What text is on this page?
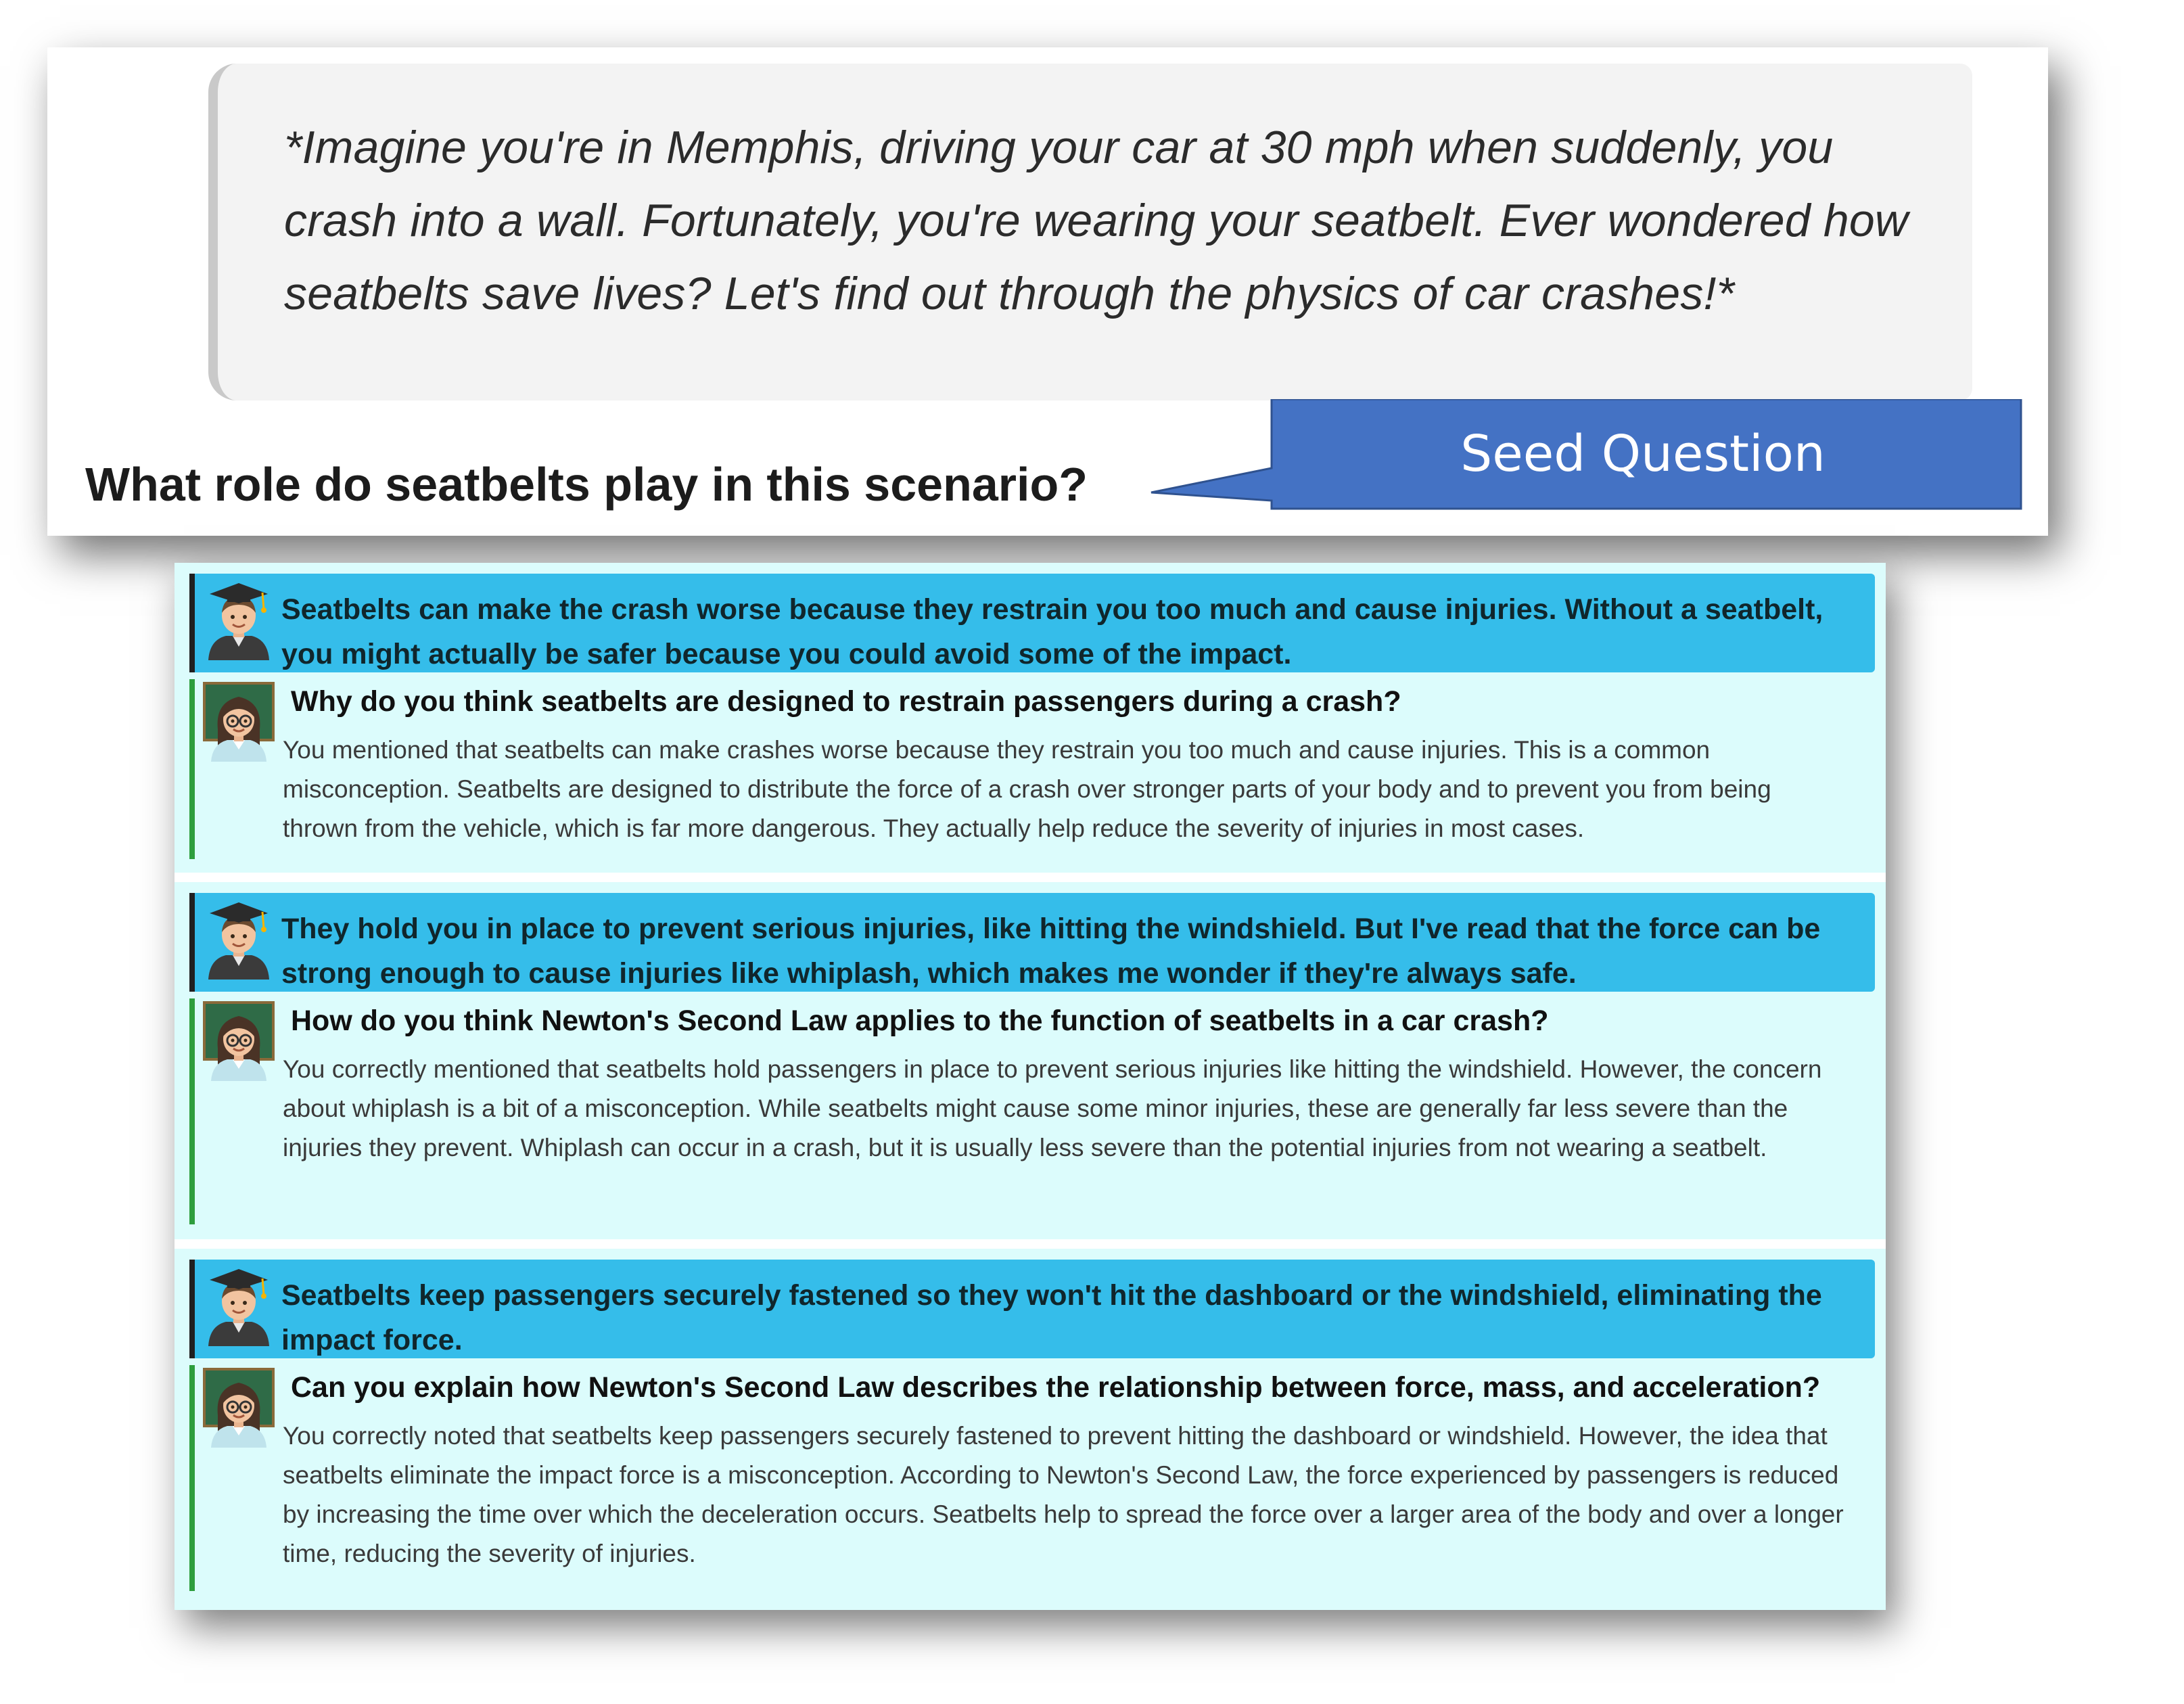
*Imagine you're in Memphis, driving your car at 30 mph when suddenly, you crash into a wall. Fortunately, you're wearing your seatbelt. Ever wondered how seatbelts save lives? Let's find out through the physics of car crashes!*

What role do seatbelts play in this scenario?

Seed Question

Seatbelts can make the crash worse because they restrain you too much and cause injuries. Without a seatbelt, you might actually be safer because you could avoid some of the impact.

Why do you think seatbelts are designed to restrain passengers during a crash?

You mentioned that seatbelts can make crashes worse because they restrain you too much and cause injuries. This is a common misconception. Seatbelts are designed to distribute the force of a crash over stronger parts of your body and to prevent you from being thrown from the vehicle, which is far more dangerous. They actually help reduce the severity of injuries in most cases.

They hold you in place to prevent serious injuries, like hitting the windshield. But I've read that the force can be strong enough to cause injuries like whiplash, which makes me wonder if they're always safe.

How do you think Newton's Second Law applies to the function of seatbelts in a car crash?

You correctly mentioned that seatbelts hold passengers in place to prevent serious injuries like hitting the windshield. However, the concern about whiplash is a bit of a misconception. While seatbelts might cause some minor injuries, these are generally far less severe than the injuries they prevent. Whiplash can occur in a crash, but it is usually less severe than the potential injuries from not wearing a seatbelt.

Seatbelts keep passengers securely fastened so they won't hit the dashboard or the windshield, eliminating the impact force.

Can you explain how Newton's Second Law describes the relationship between force, mass, and acceleration?

You correctly noted that seatbelts keep passengers securely fastened to prevent hitting the dashboard or windshield. However, the idea that seatbelts eliminate the impact force is a misconception. According to Newton's Second Law, the force experienced by passengers is reduced by increasing the time over which the deceleration occurs. Seatbelts help to spread the force over a larger area of the body and over a longer time, reducing the severity of injuries.
